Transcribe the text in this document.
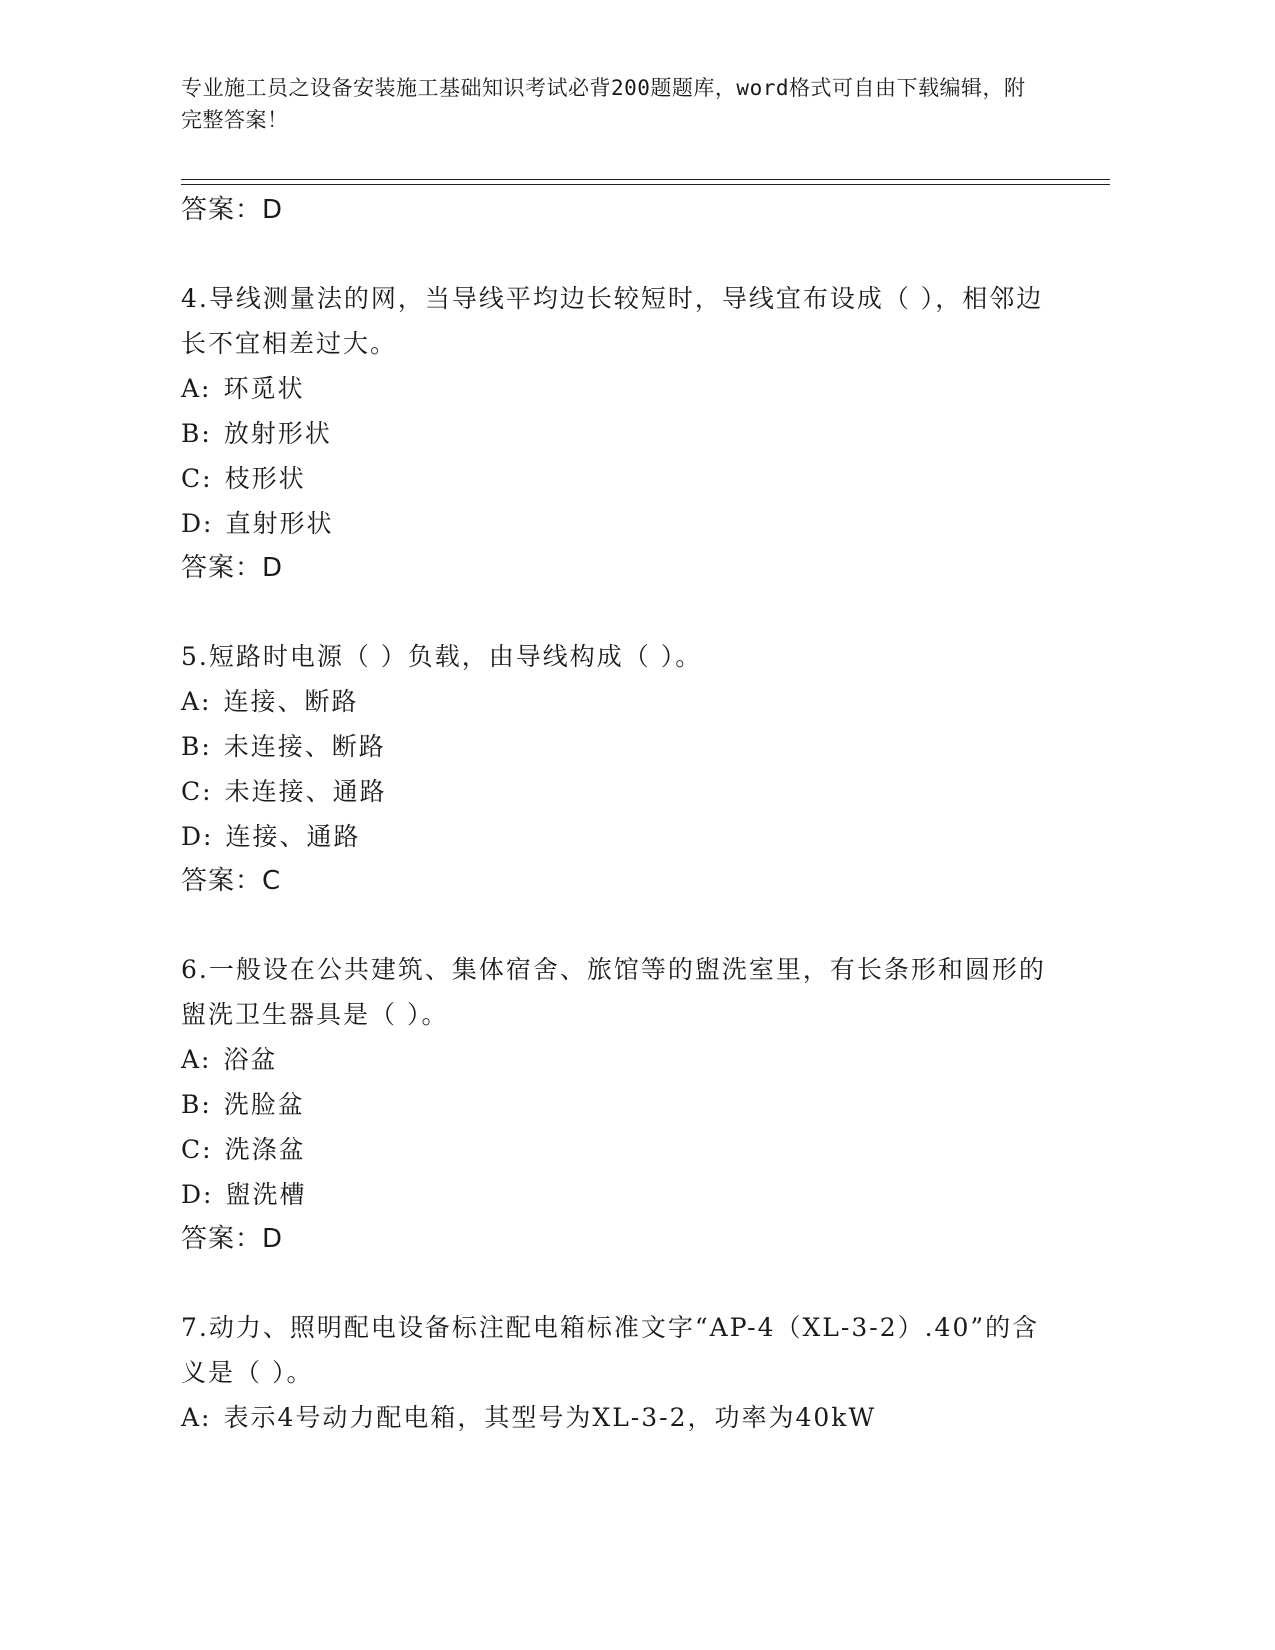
专业施工员之设备安装施工基础知识考试必背200题题库，word格式可自由下载编辑，附完整答案！
答案：D
4.导线测量法的网，当导线平均边长较短时，导线宜布设成（ ），相邻边长不宜相差过大。
A: 环觅状
B: 放射形状
C: 枝形状
D: 直射形状
答案：D
5.短路时电源（ ）负载，由导线构成（ ）。
A: 连接、断路
B: 未连接、断路
C: 未连接、通路
D: 连接、通路
答案：C
6.一般设在公共建筑、集体宿舍、旅馆等的盥洗室里，有长条形和圆形的盥洗卫生器具是（ ）。
A: 浴盆
B: 洗脸盆
C: 洗涤盆
D: 盥洗槽
答案：D
7.动力、照明配电设备标注配电箱标准文字“AP-4（XL-3-2）.40”的含义是（ ）。
A: 表示4号动力配电箱，其型号为XL-3-2，功率为40kW
